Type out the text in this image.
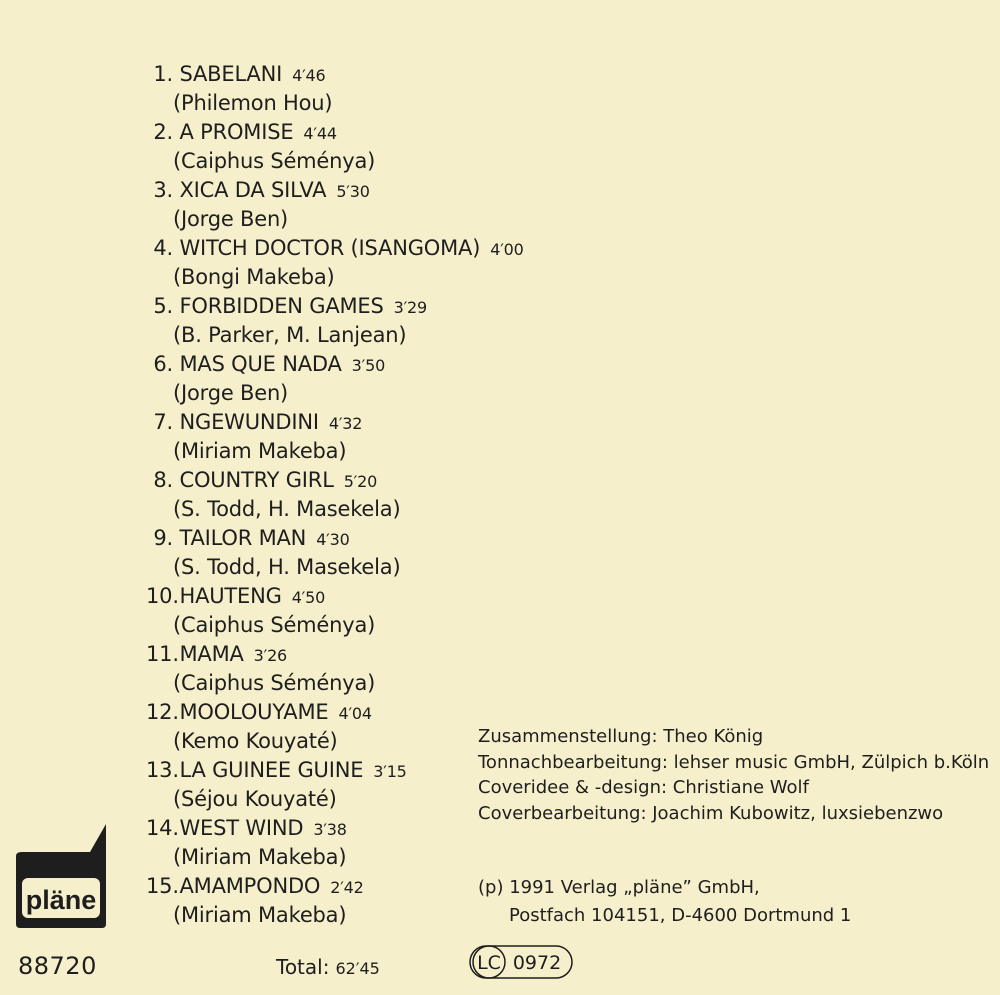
1. SABELANI 4′46
(Philemon Hou)
2. A PROMISE 4′44
(Caiphus Séménya)
3. XICA DA SILVA 5′30
(Jorge Ben)
4. WITCH DOCTOR (ISANGOMA) 4′00
(Bongi Makeba)
5. FORBIDDEN GAMES 3′29
(B. Parker, M. Lanjean)
6. MAS QUE NADA 3′50
(Jorge Ben)
7. NGEWUNDINI 4′32
(Miriam Makeba)
8. COUNTRY GIRL 5′20
(S. Todd, H. Masekela)
9. TAILOR MAN 4′30
(S. Todd, H. Masekela)
10. HAUTENG 4′50
(Caiphus Séménya)
11. MAMA 3′26
(Caiphus Séménya)
12. MOOLOUYAME 4′04
(Kemo Kouyaté)
13. LA GUINEE GUINE 3′15
(Séjou Kouyaté)
14. WEST WIND 3′38
(Miriam Makeba)
15. AMAMPONDO 2′42
(Miriam Makeba)
Zusammenstellung: Theo König
Tonnachbearbeitung: lehser music GmbH, Zülpich b.Köln
Coveridee & -design: Christiane Wolf
Coverbearbeitung: Joachim Kubowitz, luxsiebenzwo
(p) 1991 Verlag „pläne” GmbH,
Postfach 104151, D-4600 Dortmund 1
pläne
88720	Total: 62′45	LC 0972
